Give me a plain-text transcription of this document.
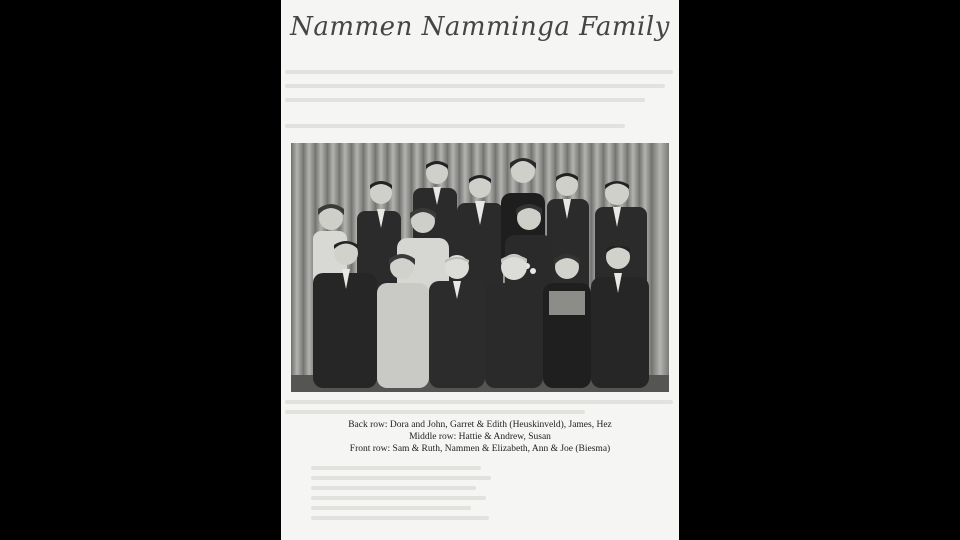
Nammen Namminga Family
Back row: Dora and John, Garret & Edith (Heuskinveld), James, Hez
Middle row: Hattie & Andrew, Susan
Front row: Sam & Ruth, Nammen & Elizabeth, Ann & Joe (Biesma)
